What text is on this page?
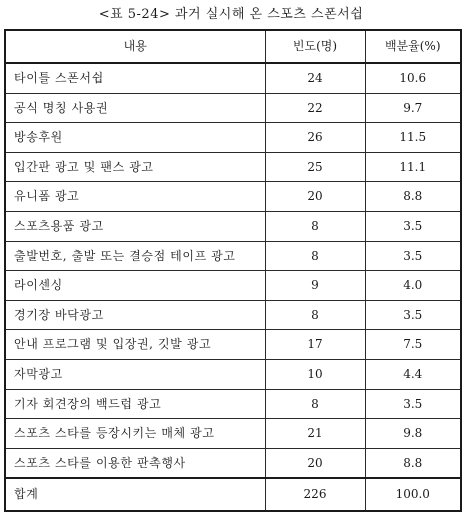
<표 5-24> 과거 실시해 온 스포츠 스폰서쉽
내용	빈도(명)	백분율(%)
타이틀 스폰서쉽	24	10.6
공식 명칭 사용권	22	9.7
방송후원	26	11.5
입간판 광고 및 팬스 광고	25	11.1
유니폼 광고	20	8.8
스포츠용품 광고	8	3.5
출발번호, 출발 또는 결승점 테이프 광고	8	3.5
라이센싱	9	4.0
경기장 바닥광고	8	3.5
안내 프로그램 및 입장권, 깃발 광고	17	7.5
자막광고	10	4.4
기자 회견장의 백드럽 광고	8	3.5
스포츠 스타를 등장시키는 매체 광고	21	9.8
스포츠 스타를 이용한 판촉행사	20	8.8
합계	226	100.0
